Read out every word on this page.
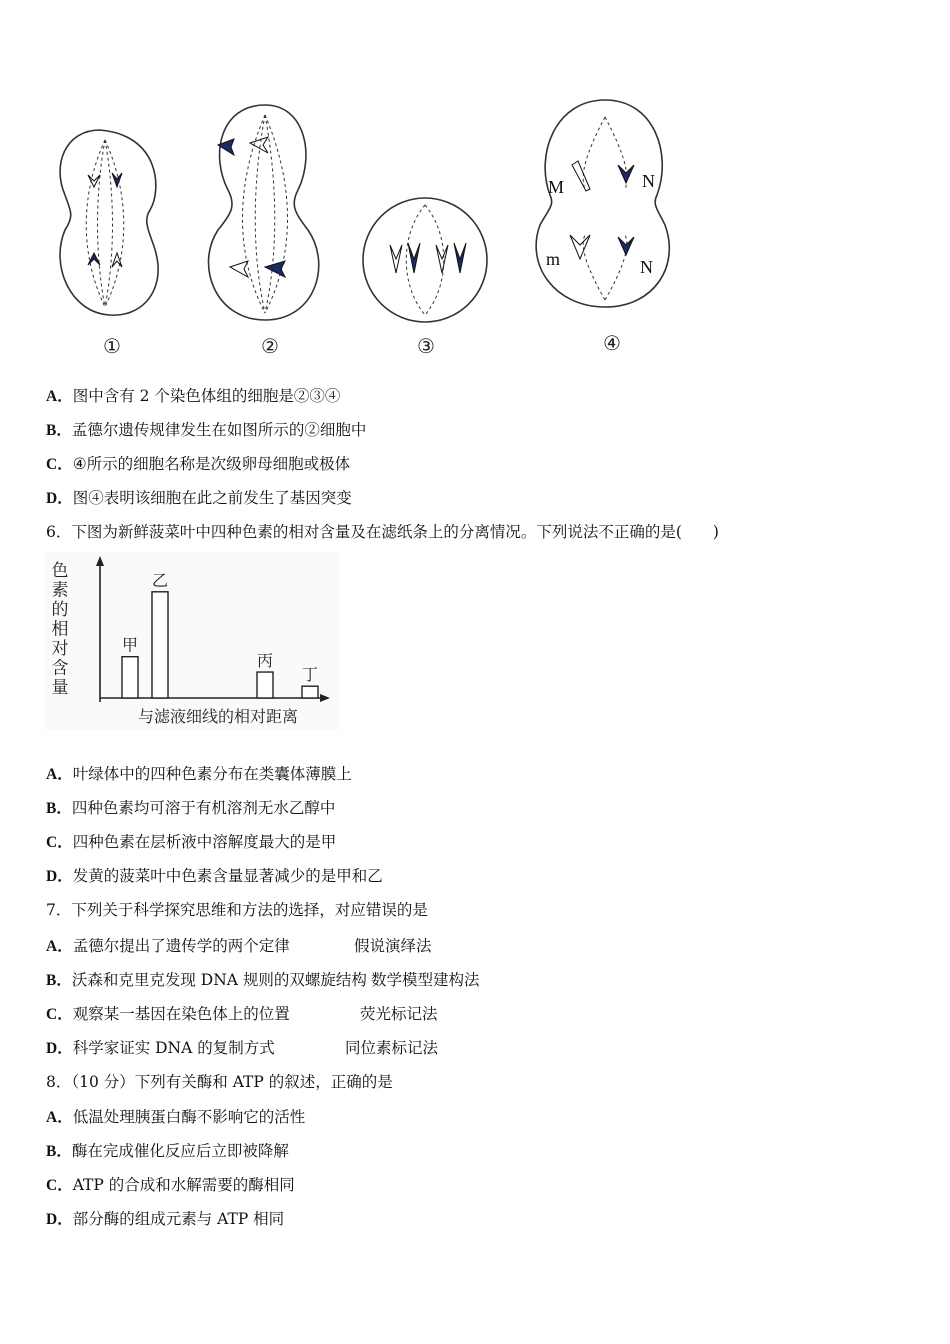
M	N
m	N
①	②	③	④
A．图中含有 2 个染色体组的细胞是②③④
B．孟德尔遗传规律发生在如图所示的②细胞中
C．④所示的细胞名称是次级卵母细胞或极体
D．图④表明该细胞在此之前发生了基因突变
6．下图为新鲜菠菜叶中四种色素的相对含量及在滤纸条上的分离情况。下列说法不正确的是(　　)
色素的相对含量
与滤液细线的相对距离
甲
乙
丙
丁
A．叶绿体中的四种色素分布在类囊体薄膜上
B．四种色素均可溶于有机溶剂无水乙醇中
C．四种色素在层析液中溶解度最大的是甲
D．发黄的菠菜叶中色素含量显著减少的是甲和乙
7．下列关于科学探究思维和方法的选择，对应错误的是
A．孟德尔提出了遗传学的两个定律	假说演绎法
B．沃森和克里克发现 DNA 规则的双螺旋结构 数学模型建构法
C．观察某一基因在染色体上的位置	荧光标记法
D．科学家证实 DNA 的复制方式	同位素标记法
8．（10 分）下列有关酶和 ATP 的叙述，正确的是
A．低温处理胰蛋白酶不影响它的活性
B．酶在完成催化反应后立即被降解
C．ATP 的合成和水解需要的酶相同
D．部分酶的组成元素与 ATP 相同
